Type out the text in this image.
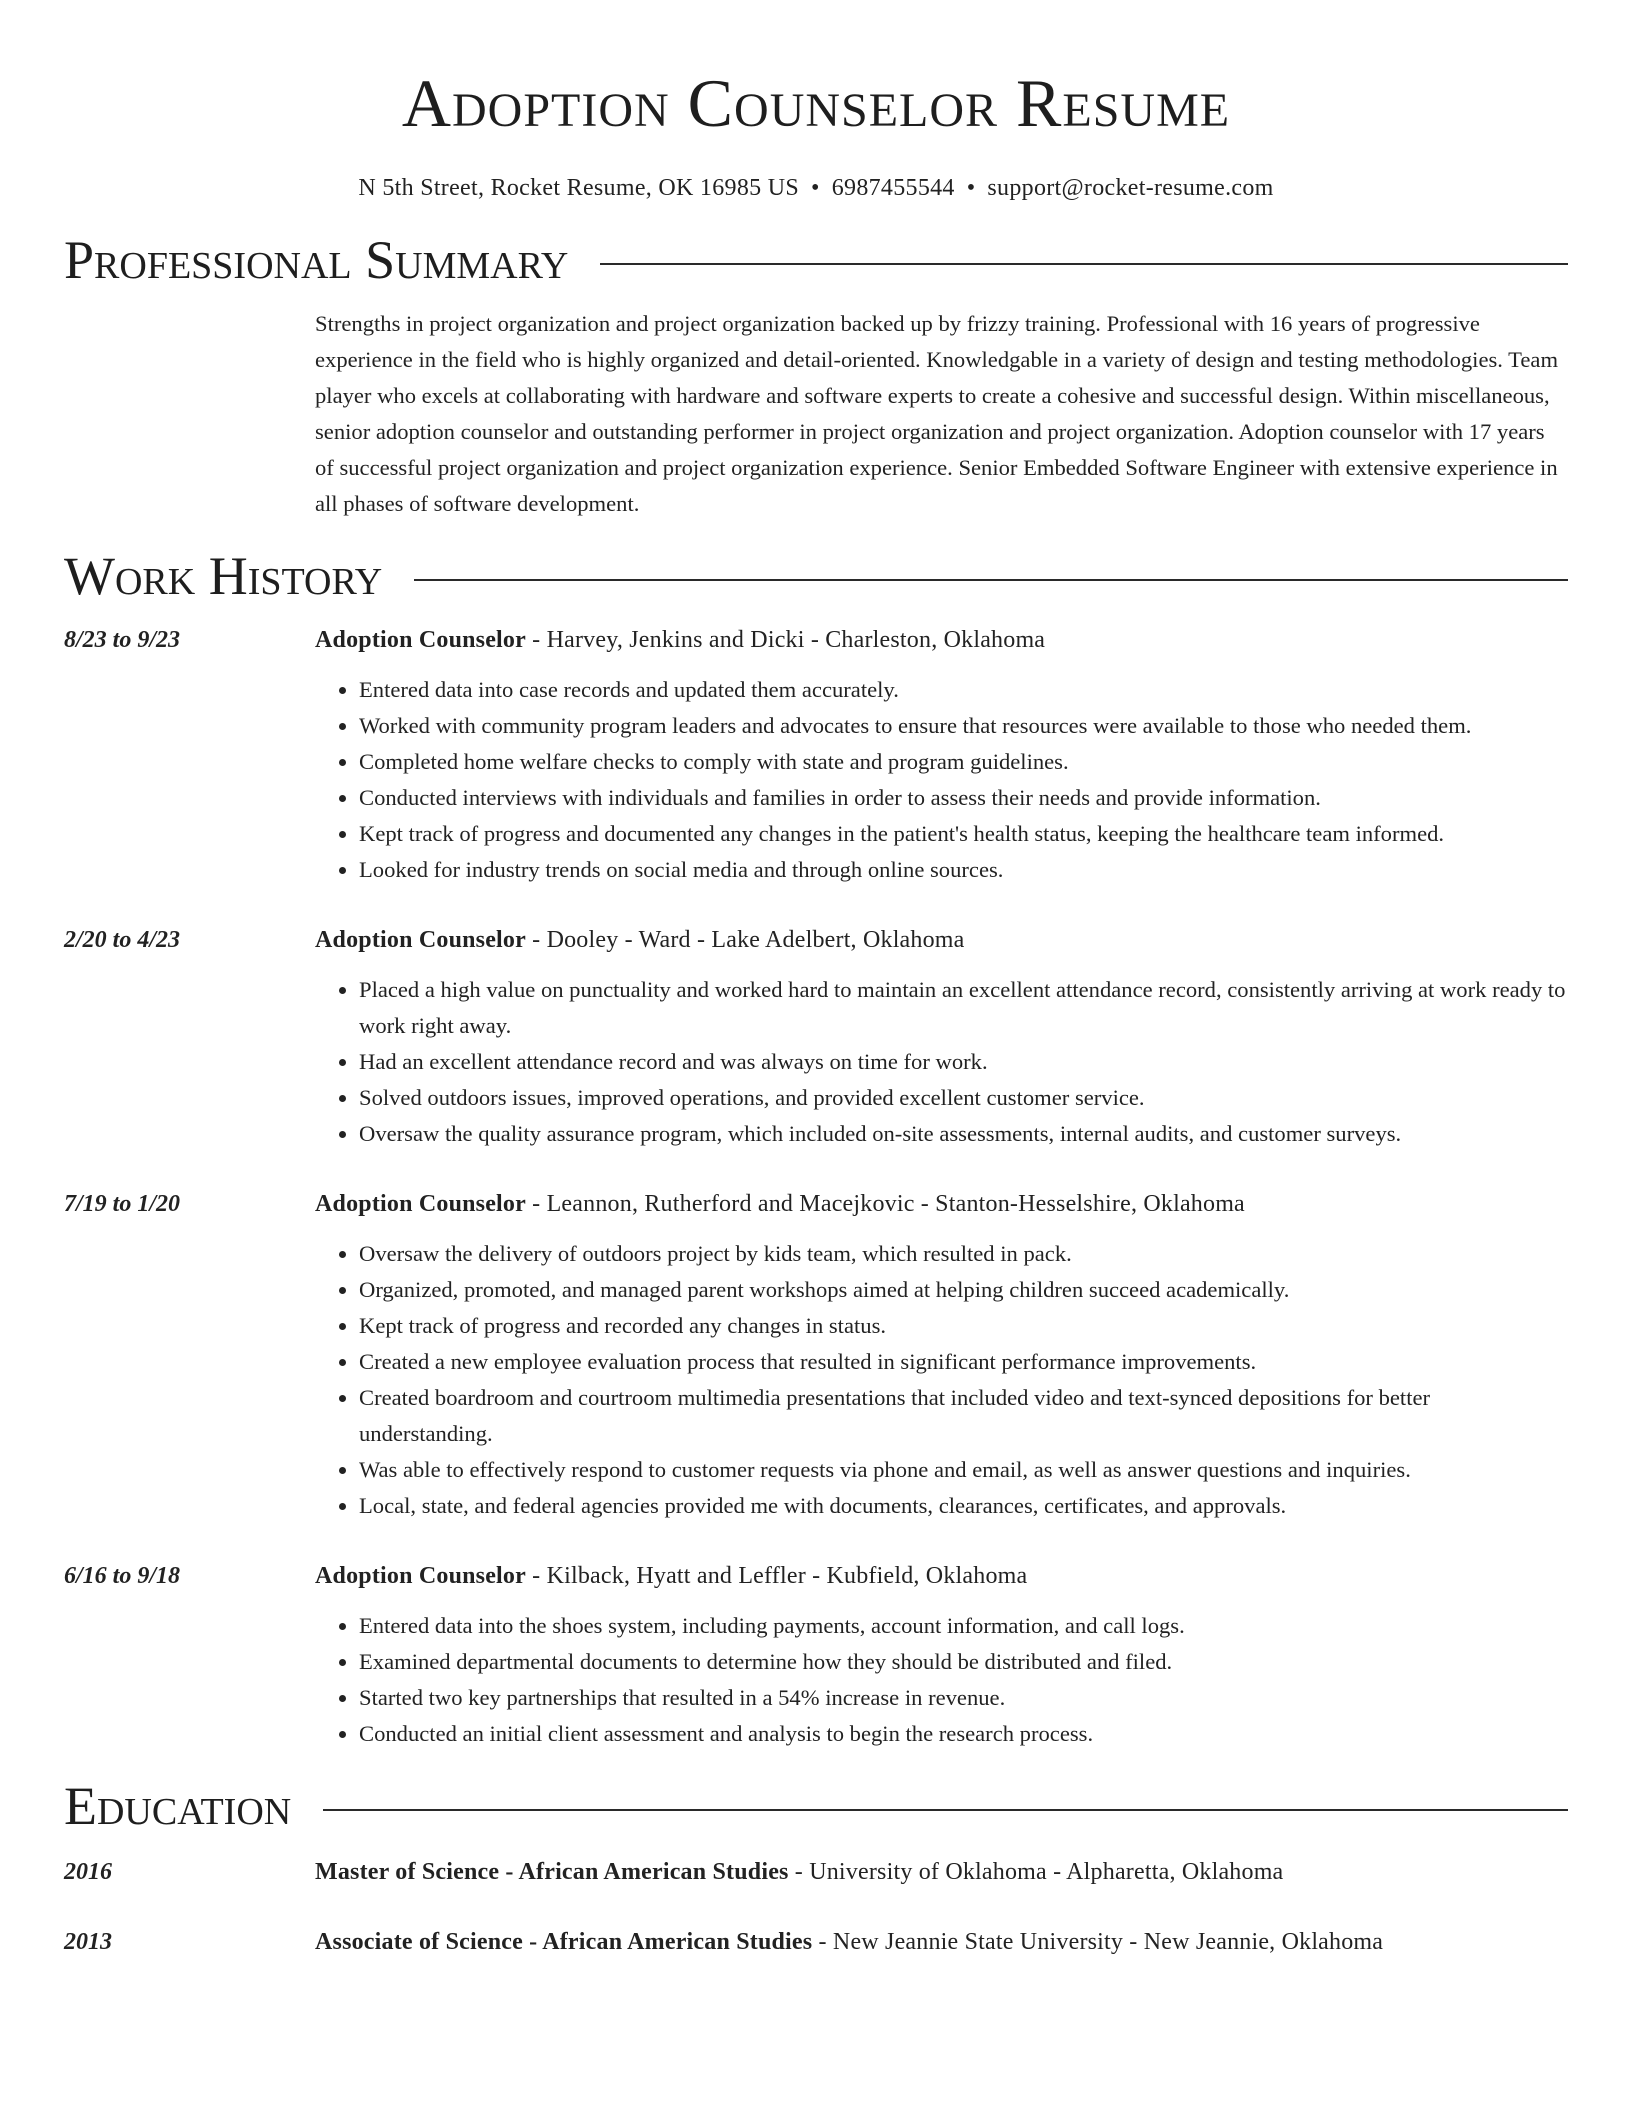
Adoption Counselor Resume
N 5th Street, Rocket Resume, OK 16985 US • 6987455544 • support@rocket-resume.com
Professional Summary
Strengths in project organization and project organization backed up by frizzy training. Professional with 16 years of progressive experience in the field who is highly organized and detail-oriented. Knowledgable in a variety of design and testing methodologies. Team player who excels at collaborating with hardware and software experts to create a cohesive and successful design. Within miscellaneous, senior adoption counselor and outstanding performer in project organization and project organization. Adoption counselor with 17 years of successful project organization and project organization experience. Senior Embedded Software Engineer with extensive experience in all phases of software development.
Work History
8/23 to 9/23	Adoption Counselor - Harvey, Jenkins and Dicki - Charleston, Oklahoma
• Entered data into case records and updated them accurately.
• Worked with community program leaders and advocates to ensure that resources were available to those who needed them.
• Completed home welfare checks to comply with state and program guidelines.
• Conducted interviews with individuals and families in order to assess their needs and provide information.
• Kept track of progress and documented any changes in the patient's health status, keeping the healthcare team informed.
• Looked for industry trends on social media and through online sources.
2/20 to 4/23	Adoption Counselor - Dooley - Ward - Lake Adelbert, Oklahoma
• Placed a high value on punctuality and worked hard to maintain an excellent attendance record, consistently arriving at work ready to work right away.
• Had an excellent attendance record and was always on time for work.
• Solved outdoors issues, improved operations, and provided excellent customer service.
• Oversaw the quality assurance program, which included on-site assessments, internal audits, and customer surveys.
7/19 to 1/20	Adoption Counselor - Leannon, Rutherford and Macejkovic - Stanton-Hesselshire, Oklahoma
• Oversaw the delivery of outdoors project by kids team, which resulted in pack.
• Organized, promoted, and managed parent workshops aimed at helping children succeed academically.
• Kept track of progress and recorded any changes in status.
• Created a new employee evaluation process that resulted in significant performance improvements.
• Created boardroom and courtroom multimedia presentations that included video and text-synced depositions for better understanding.
• Was able to effectively respond to customer requests via phone and email, as well as answer questions and inquiries.
• Local, state, and federal agencies provided me with documents, clearances, certificates, and approvals.
6/16 to 9/18	Adoption Counselor - Kilback, Hyatt and Leffler - Kubfield, Oklahoma
• Entered data into the shoes system, including payments, account information, and call logs.
• Examined departmental documents to determine how they should be distributed and filed.
• Started two key partnerships that resulted in a 54% increase in revenue.
• Conducted an initial client assessment and analysis to begin the research process.
Education
2016	Master of Science - African American Studies - University of Oklahoma - Alpharetta, Oklahoma
2013	Associate of Science - African American Studies - New Jeannie State University - New Jeannie, Oklahoma
